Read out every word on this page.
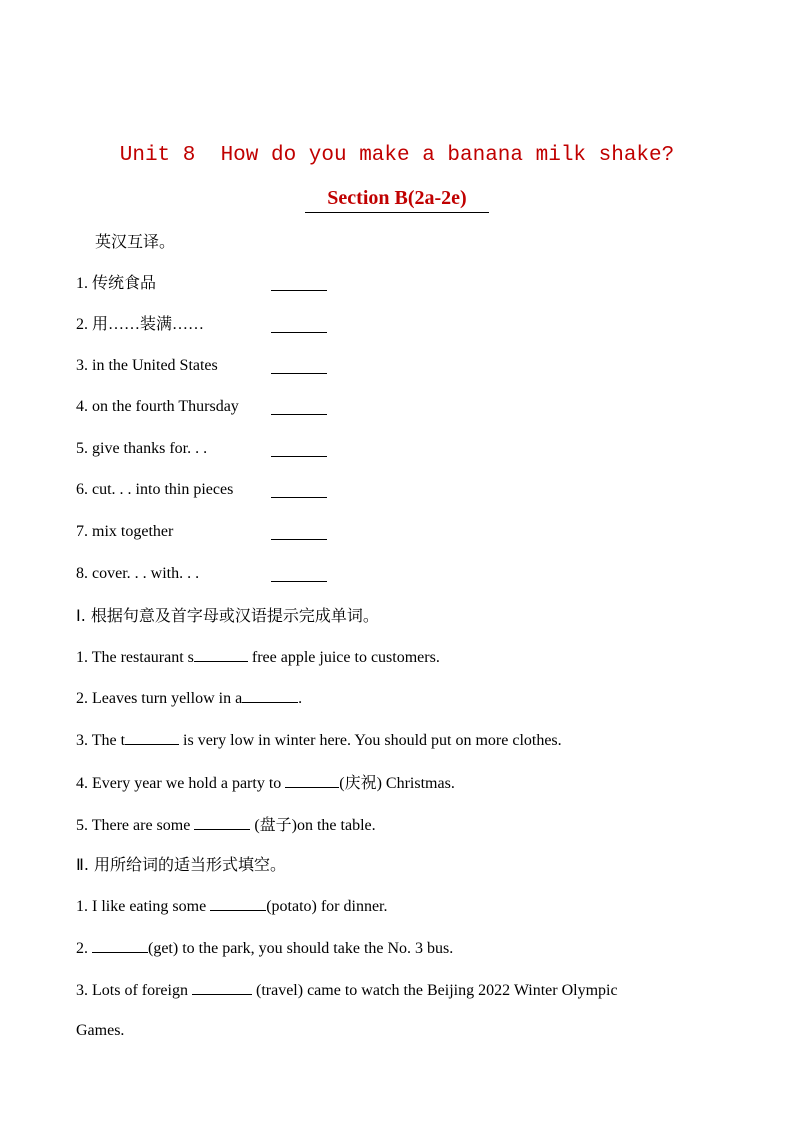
Unit 8  How do you make a banana milk shake?
Section B(2a-2e)
英汉互译。
1. 传统食品
2. 用……装满……
3. in the United States
4. on the fourth Thursday
5. give thanks for. . .
6. cut. . . into thin pieces
7. mix together
8. cover. . . with. . .
Ⅰ. 根据句意及首字母或汉语提示完成单词。
1. The restaurant s	free apple juice to customers.
2. Leaves turn yellow in a	.
3. The t	is very low in winter here. You should put on more clothes.
4. Every year we hold a party to	(庆祝) Christmas.
5. There are some	(盘子)on the table.
Ⅱ. 用所给词的适当形式填空。
1. I like eating some	(potato) for dinner.
2.	(get) to the park, you should take the No. 3 bus.
3. Lots of foreign	(travel) came to watch the Beijing 2022 Winter Olympic
Games.
